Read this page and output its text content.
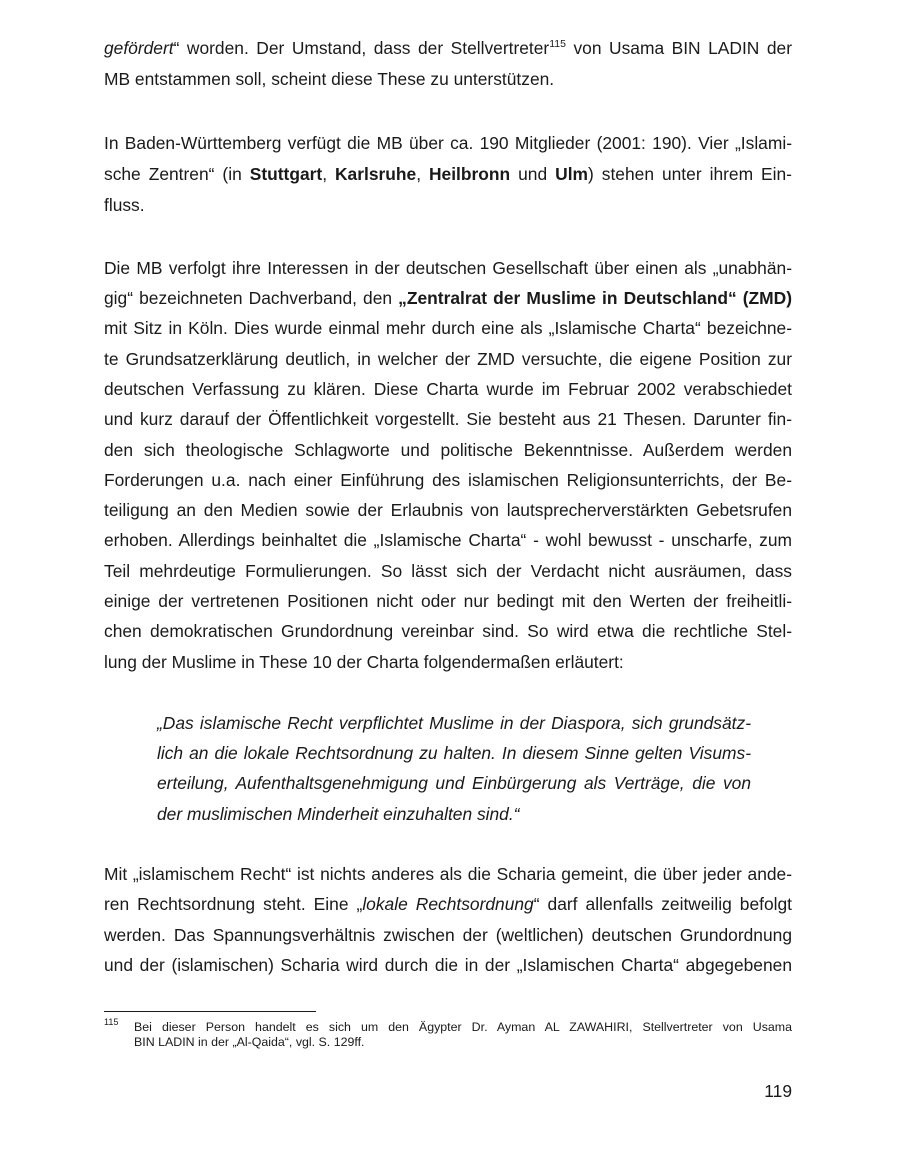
gefördert“ worden. Der Umstand, dass der Stellvertreter$^{115}$ von Usama BIN LADIN der
MB entstammen soll, scheint diese These zu unterstützen.
In Baden-Württemberg verfügt die MB über ca. 190 Mitglieder (2001: 190). Vier „Islami-
sche Zentren“ (in Stuttgart, Karlsruhe, Heilbronn und Ulm) stehen unter ihrem Ein-
fluss.
Die MB verfolgt ihre Interessen in der deutschen Gesellschaft über einen als „unabhän-
gig“ bezeichneten Dachverband, den „Zentralrat der Muslime in Deutschland“ (ZMD)
mit Sitz in Köln. Dies wurde einmal mehr durch eine als „Islamische Charta“ bezeichne-
te Grundsatzerklärung deutlich, in welcher der ZMD versuchte, die eigene Position zur
deutschen Verfassung zu klären. Diese Charta wurde im Februar 2002 verabschiedet
und kurz darauf der Öffentlichkeit vorgestellt. Sie besteht aus 21 Thesen. Darunter fin-
den sich theologische Schlagworte und politische Bekenntnisse. Außerdem werden
Forderungen u.a. nach einer Einführung des islamischen Religionsunterrichts, der Be-
teiligung an den Medien sowie der Erlaubnis von lautsprecherverstärkten Gebetsrufen
erhoben. Allerdings beinhaltet die „Islamische Charta“ - wohl bewusst - unscharfe, zum
Teil mehrdeutige Formulierungen. So lässt sich der Verdacht nicht ausräumen, dass
einige der vertretenen Positionen nicht oder nur bedingt mit den Werten der freiheitli-
chen demokratischen Grundordnung vereinbar sind. So wird etwa die rechtliche Stel-
lung der Muslime in These 10 der Charta folgendermaßen erläutert:
„Das islamische Recht verpflichtet Muslime in der Diaspora, sich grundsätz-
lich an die lokale Rechtsordnung zu halten. In diesem Sinne gelten Visums-
erteilung, Aufenthaltsgenehmigung und Einbürgerung als Verträge, die von
der muslimischen Minderheit einzuhalten sind.“
Mit „islamischem Recht“ ist nichts anderes als die Scharia gemeint, die über jeder ande-
ren Rechtsordnung steht. Eine „lokale Rechtsordnung“ darf allenfalls zeitweilig befolgt
werden. Das Spannungsverhältnis zwischen der (weltlichen) deutschen Grundordnung
und der (islamischen) Scharia wird durch die in der „Islamischen Charta“ abgegebenen
115 Bei dieser Person handelt es sich um den Ägypter Dr. Ayman AL ZAWAHIRI, Stellvertreter von Usama
BIN LADIN in der „Al-Qaida“, vgl. S. 129ff.
119
